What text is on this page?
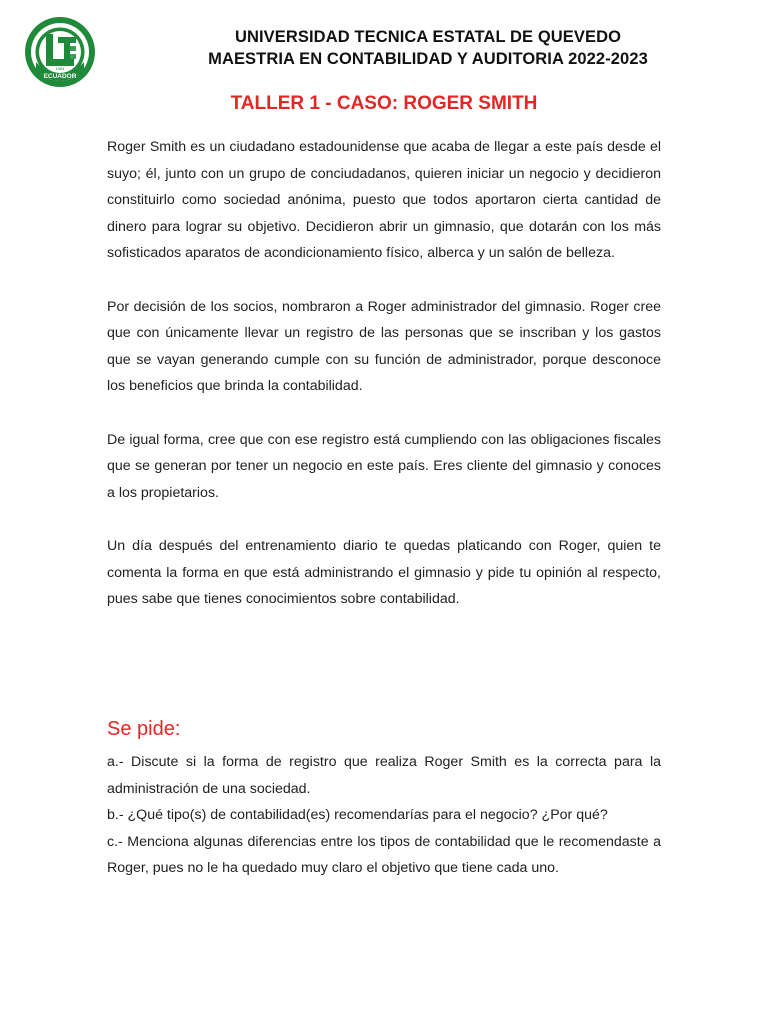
ECUADOR
1984
UNIVERSIDAD TECNICA ESTATAL DE QUEVEDO
MAESTRIA EN CONTABILIDAD Y AUDITORIA 2022-2023
TALLER 1 - CASO: ROGER SMITH

Roger Smith es un ciudadano estadounidense que acaba de llegar a este país desde el suyo; él, junto con un grupo de conciudadanos, quieren iniciar un negocio y decidieron constituirlo como sociedad anónima, puesto que todos aportaron cierta cantidad de dinero para lograr su objetivo. Decidieron abrir un gimnasio, que dotarán con los más sofisticados aparatos de acondicionamiento físico, alberca y un salón de belleza.

Por decisión de los socios, nombraron a Roger administrador del gimnasio. Roger cree que con únicamente llevar un registro de las personas que se inscriban y los gastos que se vayan generando cumple con su función de administrador, porque desconoce los beneficios que brinda la contabilidad.

De igual forma, cree que con ese registro está cumpliendo con las obligaciones fiscales que se generan por tener un negocio en este país. Eres cliente del gimnasio y conoces a los propietarios.

Un día después del entrenamiento diario te quedas platicando con Roger, quien te comenta la forma en que está administrando el gimnasio y pide tu opinión al respecto, pues sabe que tienes conocimientos sobre contabilidad.

Se pide:

a.- Discute si la forma de registro que realiza Roger Smith es la correcta para la administración de una sociedad.

b.- ¿Qué tipo(s) de contabilidad(es) recomendarías para el negocio? ¿Por qué?

c.- Menciona algunas diferencias entre los tipos de contabilidad que le recomendaste a Roger, pues no le ha quedado muy claro el objetivo que tiene cada uno.
